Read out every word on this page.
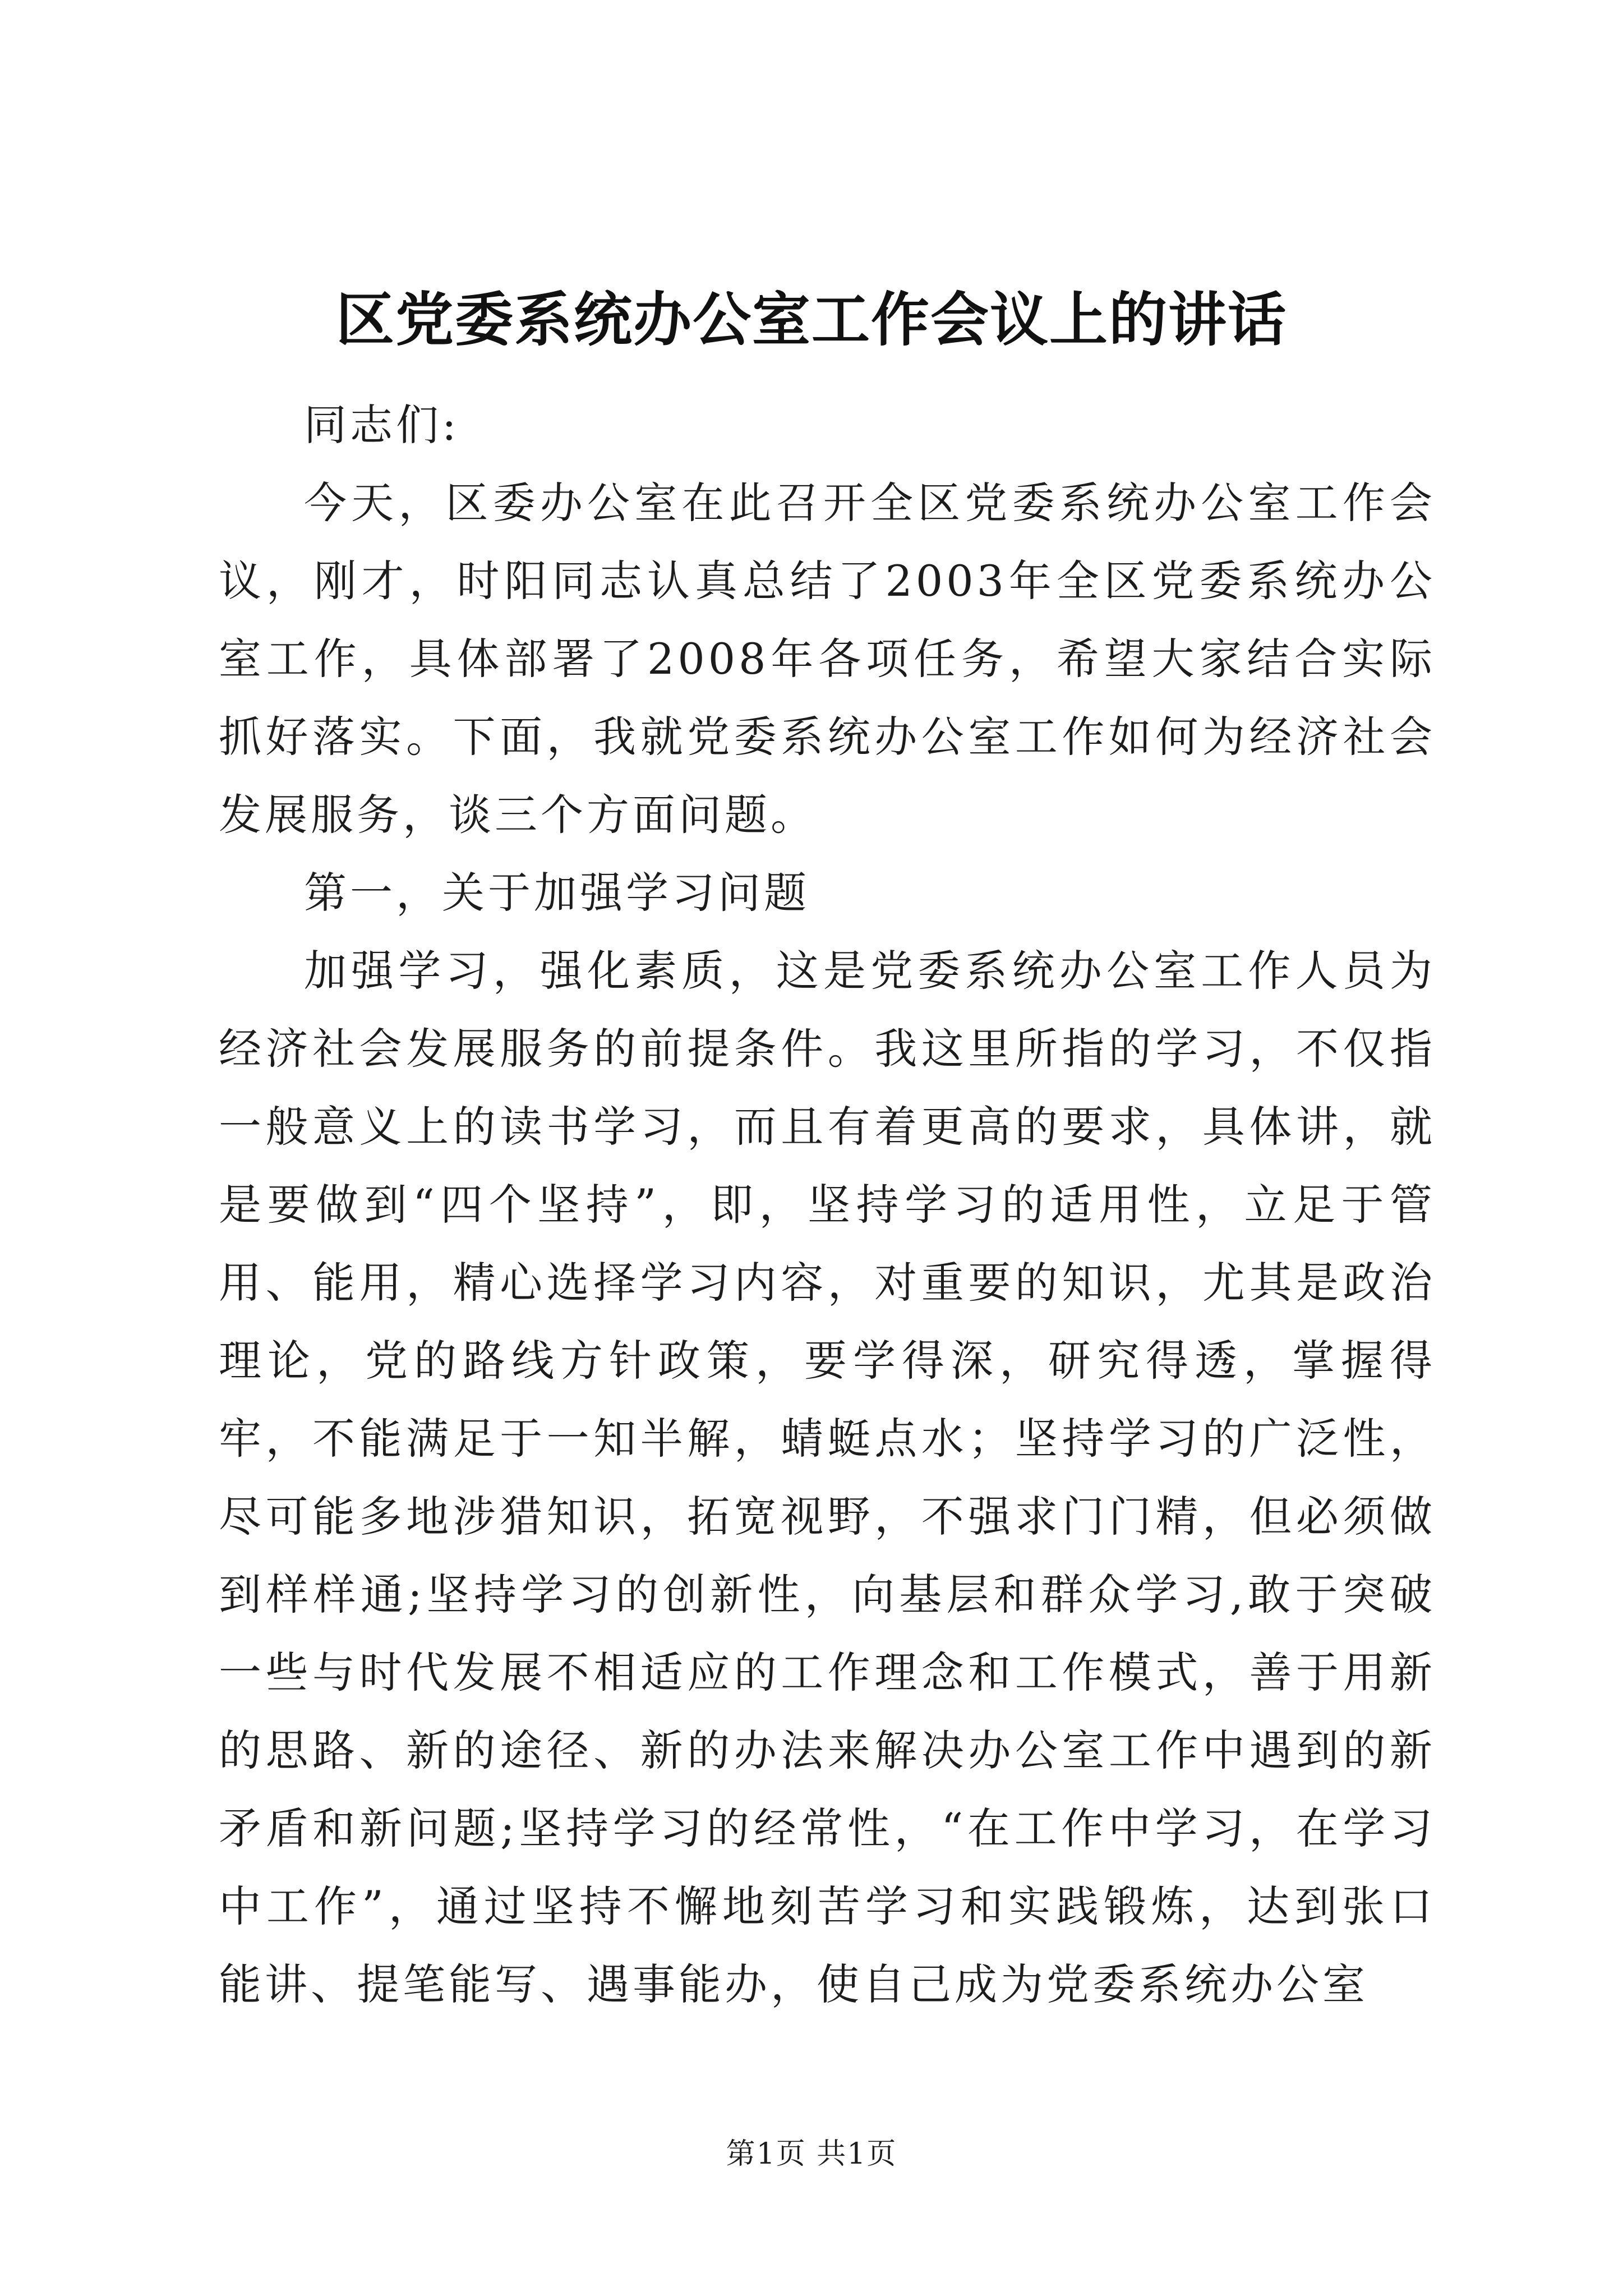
区党委系统办公室工作会议上的讲话

同志们:

今天，区委办公室在此召开全区党委系统办公室工作会议，刚才，时阳同志认真总结了2003年全区党委系统办公室工作，具体部署了2008年各项任务，希望大家结合实际抓好落实。下面，我就党委系统办公室工作如何为经济社会发展服务，谈三个方面问题。

第一，关于加强学习问题

加强学习，强化素质，这是党委系统办公室工作人员为经济社会发展服务的前提条件。我这里所指的学习，不仅指一般意义上的读书学习，而且有着更高的要求，具体讲，就是要做到“四个坚持”，即，坚持学习的适用性，立足于管用、能用，精心选择学习内容，对重要的知识，尤其是政治理论，党的路线方针政策，要学得深，研究得透，掌握得牢，不能满足于一知半解，蜻蜓点水；坚持学习的广泛性，尽可能多地涉猎知识，拓宽视野，不强求门门精，但必须做到样样通;坚持学习的创新性，向基层和群众学习,敢于突破一些与时代发展不相适应的工作理念和工作模式，善于用新的思路、新的途径、新的办法来解决办公室工作中遇到的新矛盾和新问题;坚持学习的经常性，“在工作中学习，在学习中工作”，通过坚持不懈地刻苦学习和实践锻炼，达到张口能讲、提笔能写、遇事能办，使自己成为党委系统办公室

第1页 共1页
